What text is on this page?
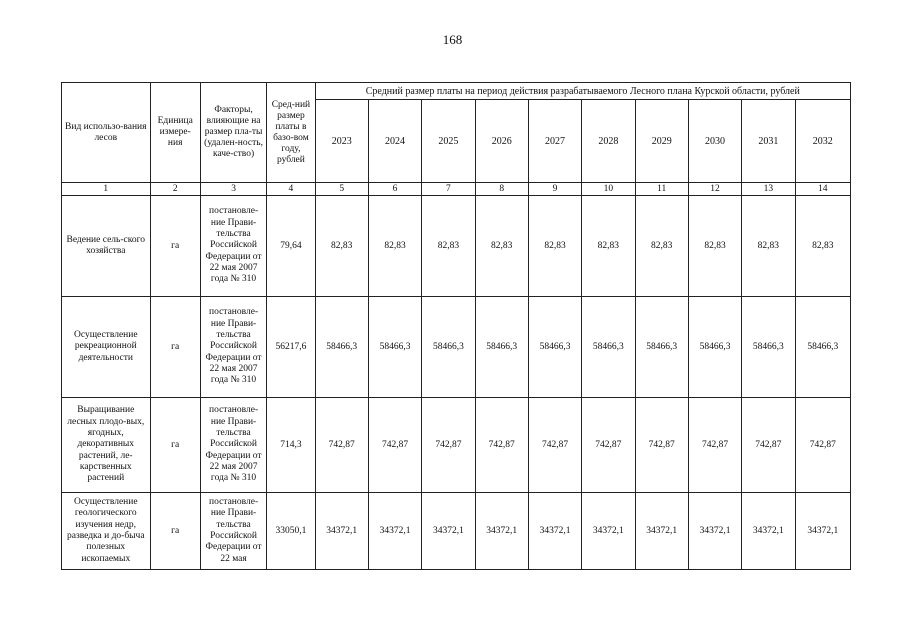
168
Вид использо-вания лесов	Единица измере-ния	Факторы, влияющие на размер пла-ты (удален-ность, каче-ство)	Сред-ний размер платы в базо-вом году, рублей	Средний размер платы на период действия разрабатываемого Лесного плана Курской области, рублей									
				2023	2024	2025	2026	2027	2028	2029	2030	2031	2032
1	2	3	4	5	6	7	8	9	10	11	12	13	14
Ведение сель-ского хозяйства	га	постановле-ние Прави-тельства Российской Федерации от 22 мая 2007 года № 310	79,64	82,83	82,83	82,83	82,83	82,83	82,83	82,83	82,83	82,83	82,83
Осуществление рекреационной деятельности	га	постановле-ние Прави-тельства Российской Федерации от 22 мая 2007 года № 310	56217,6	58466,3	58466,3	58466,3	58466,3	58466,3	58466,3	58466,3	58466,3	58466,3	58466,3
Выращивание лесных плодо-вых, ягодных, декоративных растений, ле-карственных растений	га	постановле-ние Прави-тельства Российской Федерации от 22 мая 2007 года № 310	714,3	742,87	742,87	742,87	742,87	742,87	742,87	742,87	742,87	742,87	742,87
Осуществление геологического изучения недр, разведка и до-быча полезных ископаемых	га	постановле-ние Прави-тельства Российской Федерации от 22 мая	33050,1	34372,1	34372,1	34372,1	34372,1	34372,1	34372,1	34372,1	34372,1	34372,1	34372,1
